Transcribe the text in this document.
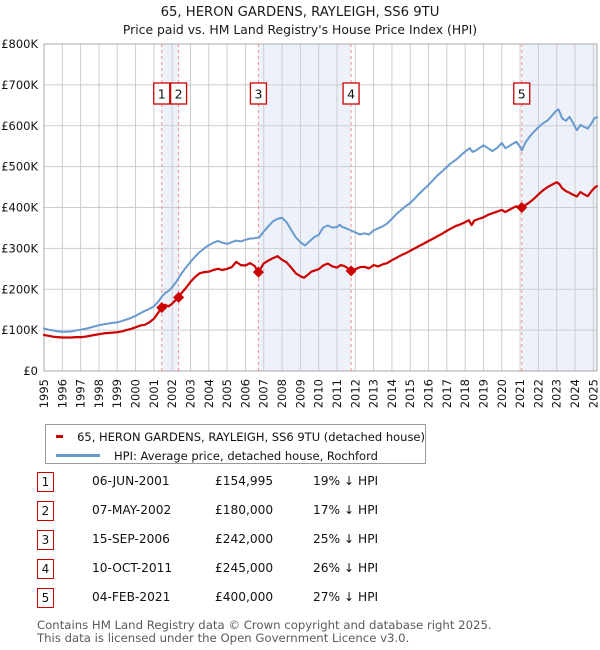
65, HERON GARDENS, RAYLEIGH, SS6 9TU
Price paid vs. HM Land Registry's House Price Index (HPI)
1 2	3	4	5
£0
£100K
£200K
£300K
£400K
£500K
£600K
£700K
£800K
1995 1996 1997 1998 1999 2000 2001 2002 2003 2004 2005 2006 2007 2008 2009 2010 2011 2012 2013 2014 2015 2016 2017 2018 2019 2020 2021 2022 2023 2024 2025
65, HERON GARDENS, RAYLEIGH, SS6 9TU (detached house)
HPI: Average price, detached house, Rochford
1	06-JUN-2001	£154,995	19% ↓ HPI
2	07-MAY-2002	£180,000	17% ↓ HPI
3	15-SEP-2006	£242,000	25% ↓ HPI
4	10-OCT-2011	£245,000	26% ↓ HPI
5	04-FEB-2021	£400,000	27% ↓ HPI
Contains HM Land Registry data © Crown copyright and database right 2025.
This data is licensed under the Open Government Licence v3.0.
